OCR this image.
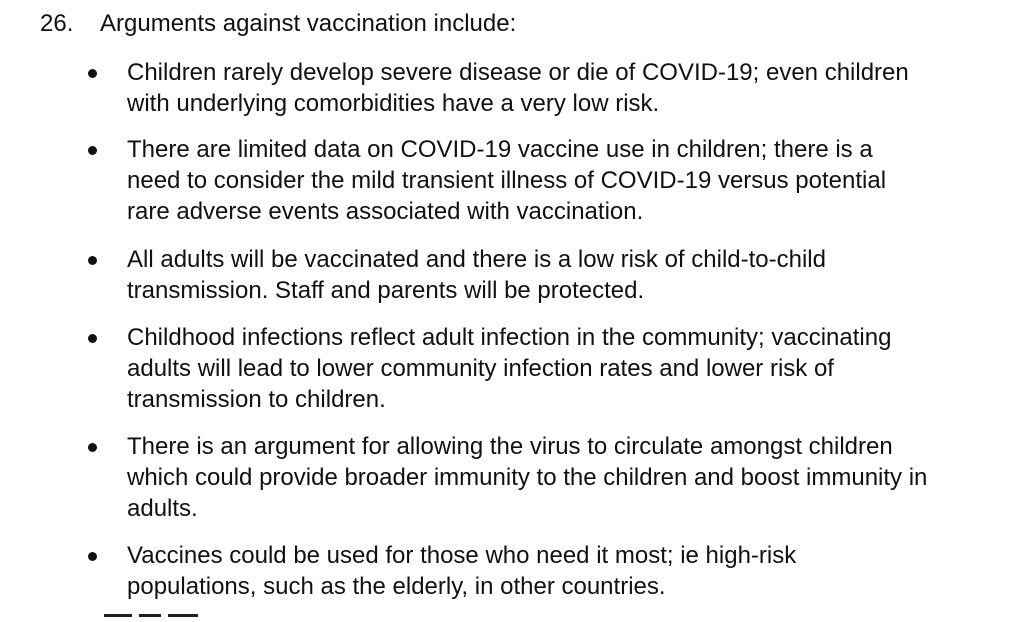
26. Arguments against vaccination include:
Children rarely develop severe disease or die of COVID-19; even children
with underlying comorbidities have a very low risk.
There are limited data on COVID-19 vaccine use in children; there is a
need to consider the mild transient illness of COVID-19 versus potential
rare adverse events associated with vaccination.
All adults will be vaccinated and there is a low risk of child-to-child
transmission. Staff and parents will be protected.
Childhood infections reflect adult infection in the community; vaccinating
adults will lead to lower community infection rates and lower risk of
transmission to children.
There is an argument for allowing the virus to circulate amongst children
which could provide broader immunity to the children and boost immunity in
adults.
Vaccines could be used for those who need it most; ie high-risk
populations, such as the elderly, in other countries.
